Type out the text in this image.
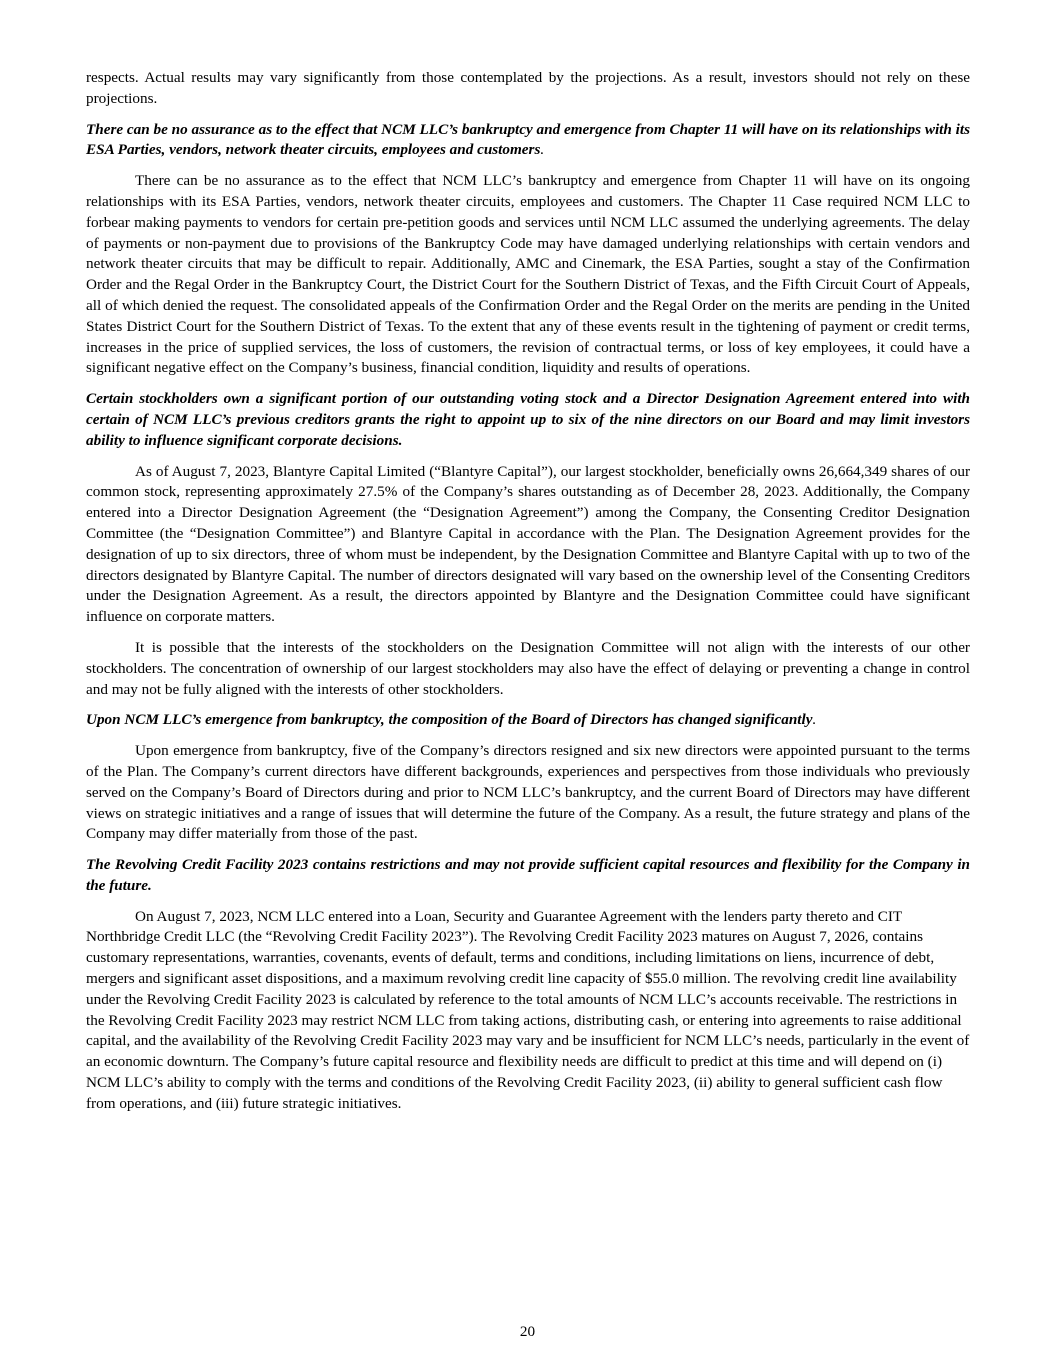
respects. Actual results may vary significantly from those contemplated by the projections. As a result, investors should not rely on these projections.

There can be no assurance as to the effect that NCM LLC’s bankruptcy and emergence from Chapter 11 will have on its relationships with its ESA Parties, vendors, network theater circuits, employees and customers.

There can be no assurance as to the effect that NCM LLC’s bankruptcy and emergence from Chapter 11 will have on its ongoing relationships with its ESA Parties, vendors, network theater circuits, employees and customers. The Chapter 11 Case required NCM LLC to forbear making payments to vendors for certain pre-petition goods and services until NCM LLC assumed the underlying agreements. The delay of payments or non-payment due to provisions of the Bankruptcy Code may have damaged underlying relationships with certain vendors and network theater circuits that may be difficult to repair. Additionally, AMC and Cinemark, the ESA Parties, sought a stay of the Confirmation Order and the Regal Order in the Bankruptcy Court, the District Court for the Southern District of Texas, and the Fifth Circuit Court of Appeals, all of which denied the request. The consolidated appeals of the Confirmation Order and the Regal Order on the merits are pending in the United States District Court for the Southern District of Texas. To the extent that any of these events result in the tightening of payment or credit terms, increases in the price of supplied services, the loss of customers, the revision of contractual terms, or loss of key employees, it could have a significant negative effect on the Company’s business, financial condition, liquidity and results of operations.

Certain stockholders own a significant portion of our outstanding voting stock and a Director Designation Agreement entered into with certain of NCM LLC’s previous creditors grants the right to appoint up to six of the nine directors on our Board and may limit investors ability to influence significant corporate decisions.

As of August 7, 2023, Blantyre Capital Limited (“Blantyre Capital”), our largest stockholder, beneficially owns 26,664,349 shares of our common stock, representing approximately 27.5% of the Company’s shares outstanding as of December 28, 2023. Additionally, the Company entered into a Director Designation Agreement (the “Designation Agreement”) among the Company, the Consenting Creditor Designation Committee (the “Designation Committee”) and Blantyre Capital in accordance with the Plan. The Designation Agreement provides for the designation of up to six directors, three of whom must be independent, by the Designation Committee and Blantyre Capital with up to two of the directors designated by Blantyre Capital. The number of directors designated will vary based on the ownership level of the Consenting Creditors under the Designation Agreement. As a result, the directors appointed by Blantyre and the Designation Committee could have significant influence on corporate matters.

It is possible that the interests of the stockholders on the Designation Committee will not align with the interests of our other stockholders. The concentration of ownership of our largest stockholders may also have the effect of delaying or preventing a change in control and may not be fully aligned with the interests of other stockholders.

Upon NCM LLC’s emergence from bankruptcy, the composition of the Board of Directors has changed significantly.

Upon emergence from bankruptcy, five of the Company’s directors resigned and six new directors were appointed pursuant to the terms of the Plan. The Company’s current directors have different backgrounds, experiences and perspectives from those individuals who previously served on the Company’s Board of Directors during and prior to NCM LLC’s bankruptcy, and the current Board of Directors may have different views on strategic initiatives and a range of issues that will determine the future of the Company. As a result, the future strategy and plans of the Company may differ materially from those of the past.

The Revolving Credit Facility 2023 contains restrictions and may not provide sufficient capital resources and flexibility for the Company in the future.

On August 7, 2023, NCM LLC entered into a Loan, Security and Guarantee Agreement with the lenders party thereto and CIT Northbridge Credit LLC (the “Revolving Credit Facility 2023”). The Revolving Credit Facility 2023 matures on August 7, 2026, contains customary representations, warranties, covenants, events of default, terms and conditions, including limitations on liens, incurrence of debt, mergers and significant asset dispositions, and a maximum revolving credit line capacity of $55.0 million. The revolving credit line availability under the Revolving Credit Facility 2023 is calculated by reference to the total amounts of NCM LLC’s accounts receivable. The restrictions in the Revolving Credit Facility 2023 may restrict NCM LLC from taking actions, distributing cash, or entering into agreements to raise additional capital, and the availability of the Revolving Credit Facility 2023 may vary and be insufficient for NCM LLC’s needs, particularly in the event of an economic downturn. The Company’s future capital resource and flexibility needs are difficult to predict at this time and will depend on (i) NCM LLC’s ability to comply with the terms and conditions of the Revolving Credit Facility 2023, (ii) ability to general sufficient cash flow from operations, and (iii) future strategic initiatives.

20
